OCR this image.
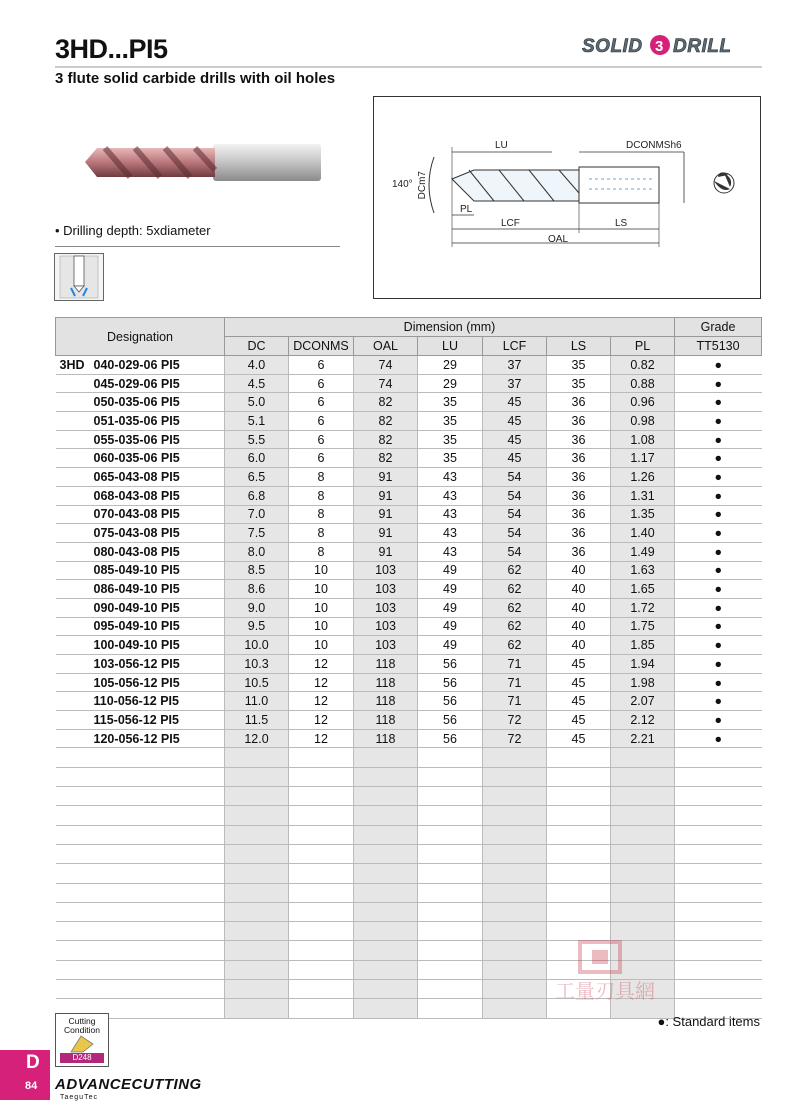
3HD...PI5
3 flute solid carbide drills with oil holes
SOLID 3 DRILL
• Drilling depth: 5xdiameter
LU	DCONMSh6
140° DCm7
PL
LCF	LS
OAL
Designation	Dimension (mm)							Grade
	DC	DCONMS	OAL	LU	LCF	LS	PL	TT5130
3HD 040-029-06 PI5	4.0	6	74	29	37	35	0.82	●
045-029-06 PI5	4.5	6	74	29	37	35	0.88	●
050-035-06 PI5	5.0	6	82	35	45	36	0.96	●
051-035-06 PI5	5.1	6	82	35	45	36	0.98	●
055-035-06 PI5	5.5	6	82	35	45	36	1.08	●
060-035-06 PI5	6.0	6	82	35	45	36	1.17	●
065-043-08 PI5	6.5	8	91	43	54	36	1.26	●
068-043-08 PI5	6.8	8	91	43	54	36	1.31	●
070-043-08 PI5	7.0	8	91	43	54	36	1.35	●
075-043-08 PI5	7.5	8	91	43	54	36	1.40	●
080-043-08 PI5	8.0	8	91	43	54	36	1.49	●
085-049-10 PI5	8.5	10	103	49	62	40	1.63	●
086-049-10 PI5	8.6	10	103	49	62	40	1.65	●
090-049-10 PI5	9.0	10	103	49	62	40	1.72	●
095-049-10 PI5	9.5	10	103	49	62	40	1.75	●
100-049-10 PI5	10.0	10	103	49	62	40	1.85	●
103-056-12 PI5	10.3	12	118	56	71	45	1.94	●
105-056-12 PI5	10.5	12	118	56	71	45	1.98	●
110-056-12 PI5	11.0	12	118	56	71	45	2.07	●
115-056-12 PI5	11.5	12	118	56	72	45	2.12	●
120-056-12 PI5	12.0	12	118	56	72	45	2.21	●

●: Standard items
Cutting Condition
D248
D
84 ADVANCECUTTING
TaeguTec
工量刃具網
